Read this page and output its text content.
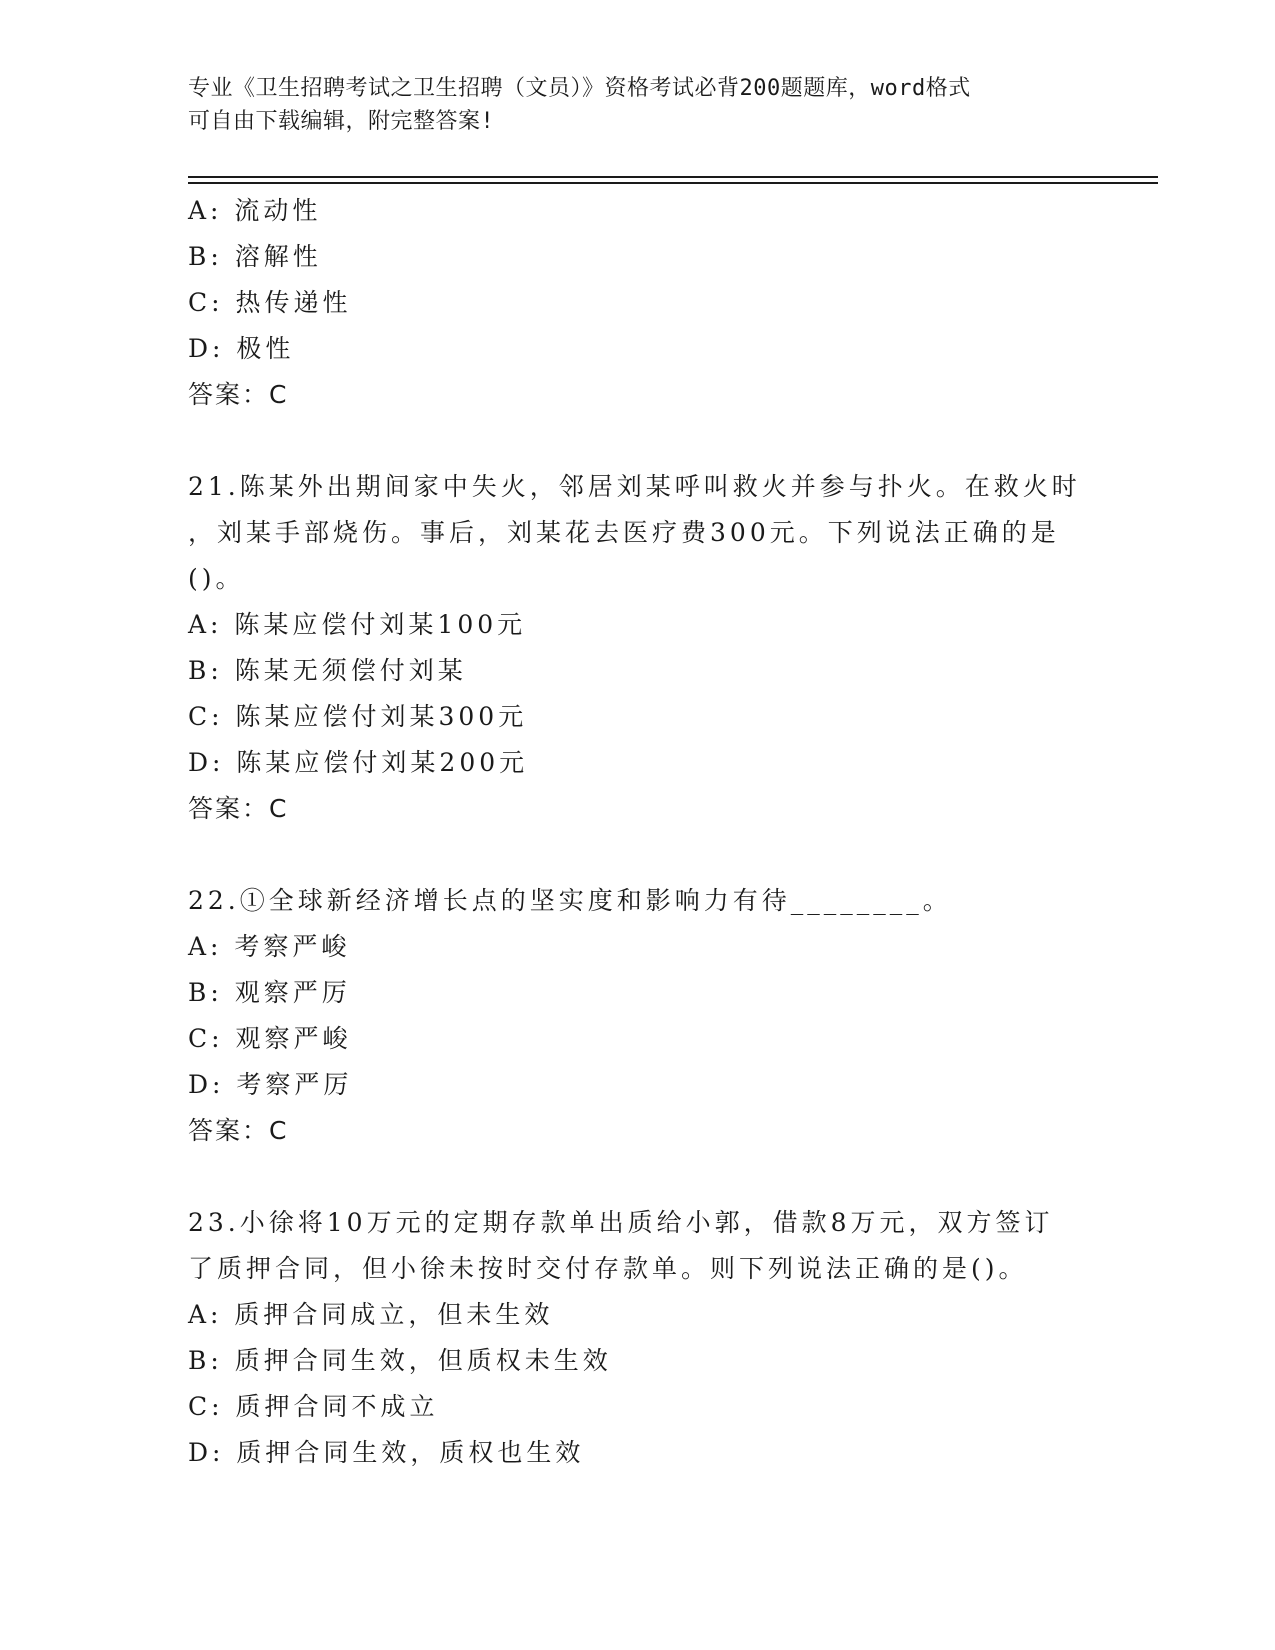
专业《卫生招聘考试之卫生招聘（文员）》资格考试必背200题题库，word格式
可自由下载编辑，附完整答案!
A: 流动性
B: 溶解性
C: 热传递性
D: 极性
答案：C
21.陈某外出期间家中失火，邻居刘某呼叫救火并参与扑火。在救火时
，刘某手部烧伤。事后，刘某花去医疗费300元。下列说法正确的是
()。
A: 陈某应偿付刘某100元
B: 陈某无须偿付刘某
C: 陈某应偿付刘某300元
D: 陈某应偿付刘某200元
答案：C
22.①全球新经济增长点的坚实度和影响力有待________。
A: 考察严峻
B: 观察严厉
C: 观察严峻
D: 考察严厉
答案：C
23.小徐将10万元的定期存款单出质给小郭，借款8万元，双方签订
了质押合同，但小徐未按时交付存款单。则下列说法正确的是()。
A: 质押合同成立，但未生效
B: 质押合同生效，但质权未生效
C: 质押合同不成立
D: 质押合同生效，质权也生效
